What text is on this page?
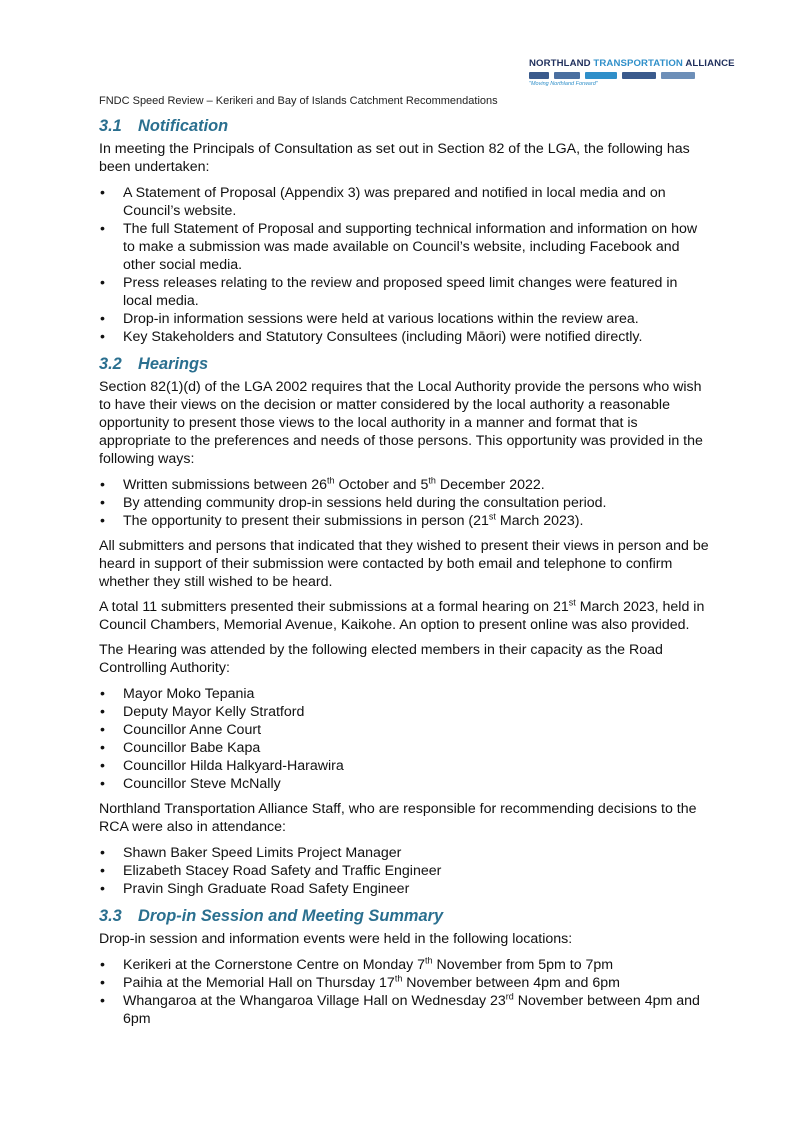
NORTHLAND TRANSPORTATION ALLIANCE
"Moving Northland Forward"
FNDC Speed Review – Kerikeri and Bay of Islands Catchment Recommendations
3.1 Notification

In meeting the Principals of Consultation as set out in Section 82 of the LGA, the following has been undertaken:

• A Statement of Proposal (Appendix 3) was prepared and notified in local media and on Council’s website.
• The full Statement of Proposal and supporting technical information and information on how to make a submission was made available on Council’s website, including Facebook and other social media.
• Press releases relating to the review and proposed speed limit changes were featured in local media.
• Drop-in information sessions were held at various locations within the review area.
• Key Stakeholders and Statutory Consultees (including Māori) were notified directly.
3.2 Hearings

Section 82(1)(d) of the LGA 2002 requires that the Local Authority provide the persons who wish to have their views on the decision or matter considered by the local authority a reasonable opportunity to present those views to the local authority in a manner and format that is appropriate to the preferences and needs of those persons. This opportunity was provided in the following ways:

• Written submissions between 26th October and 5th December 2022.
• By attending community drop-in sessions held during the consultation period.
• The opportunity to present their submissions in person (21st March 2023).

All submitters and persons that indicated that they wished to present their views in person and be heard in support of their submission were contacted by both email and telephone to confirm whether they still wished to be heard.

A total 11 submitters presented their submissions at a formal hearing on 21st March 2023, held in Council Chambers, Memorial Avenue, Kaikohe. An option to present online was also provided.

The Hearing was attended by the following elected members in their capacity as the Road Controlling Authority:

• Mayor Moko Tepania
• Deputy Mayor Kelly Stratford
• Councillor Anne Court
• Councillor Babe Kapa
• Councillor Hilda Halkyard-Harawira
• Councillor Steve McNally

Northland Transportation Alliance Staff, who are responsible for recommending decisions to the RCA were also in attendance:

• Shawn Baker Speed Limits Project Manager
• Elizabeth Stacey Road Safety and Traffic Engineer
• Pravin Singh Graduate Road Safety Engineer
3.3 Drop-in Session and Meeting Summary

Drop-in session and information events were held in the following locations:

• Kerikeri at the Cornerstone Centre on Monday 7th November from 5pm to 7pm
• Paihia at the Memorial Hall on Thursday 17th November between 4pm and 6pm
• Whangaroa at the Whangaroa Village Hall on Wednesday 23rd November between 4pm and 6pm
